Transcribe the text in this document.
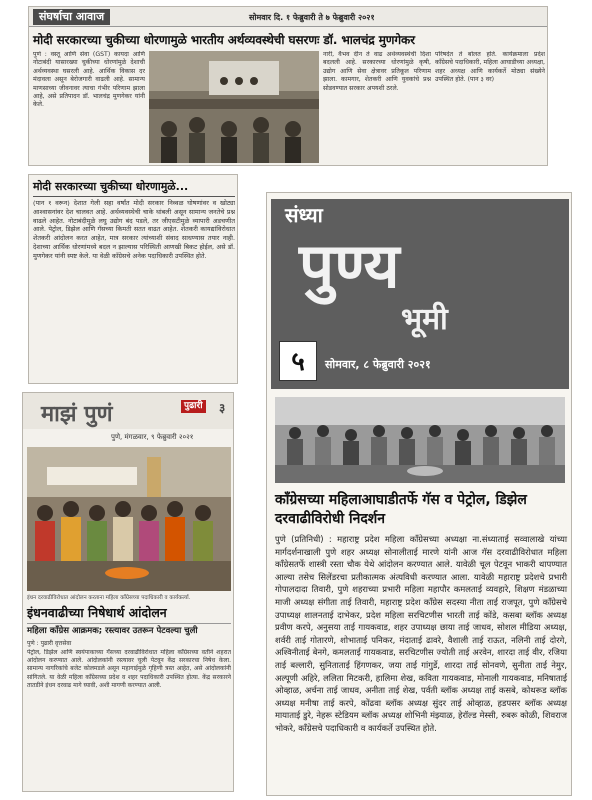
संघर्षाचा आवाज	सोमवार दि. १ फेब्रुवारी ते ७ फेब्रुवारी २०२१
मोदी सरकारच्या चुकीच्या धोरणामुळे भारतीय अर्थव्यवस्थेची घसरणः डॉ. भालचंद्र मुणगेकर
पुणे : वस्तू आणि सेवा (GST) कायदा आणि नोटाबंदी यासारख्या चुकीच्या धोरणांमुळे देशाची अर्थव्यवस्था घसरली आहे. आर्थिक विकास दर मंदावला असून बेरोजगारी वाढली आहे. सामान्य माणसाच्या जीवनावर त्याचा गंभीर परिणाम झाला आहे, असे प्रतिपादन डॉ. भालचंद्र मुणगेकर यांनी केले.
नारी, वैभव दीन ते वाढ अर्थव्यवस्थेची दिशा बदलली आहे. सरकारच्या धोरणांमुळे कृषी, उद्योग आणि सेवा क्षेत्रावर प्रतिकूल परिणाम झाला. कामगार, शेतकरी आणि युवकांचे प्रश्न सोडवण्यात सरकार अपयशी ठरले.
परिषदेत ते बोलत होते. कार्यक्रमाला प्रदेश काँग्रेसचे पदाधिकारी, महिला आघाडीच्या अध्यक्षा, शहर अध्यक्ष आणि कार्यकर्ते मोठ्या संख्येने उपस्थित होते. (पान ३ वर)
मोदी सरकारच्या चुकीच्या धोरणामुळे...
(पान १ वरून) देशात गेली सहा वर्षांत मोदी सरकार निव्वळ घोषणांवर व खोट्या आश्वासनांवर देश चालवत आहे. अर्थव्यवस्थेची चाके थांबली असून सामान्य जनतेचे प्रश्न वाढले आहेत. नोटाबंदीमुळे लघु उद्योग बंद पडले, तर जीएसटीमुळे व्यापारी अडचणीत आले. पेट्रोल, डिझेल आणि गॅसच्या किमती सतत वाढत आहेत. शेतकरी कायद्यांविरोधात शेतकरी आंदोलन करत आहेत, मात्र सरकार त्यांच्याशी संवाद साधण्यास तयार नाही. देशाच्या आर्थिक धोरणांमध्ये बदल न झाल्यास परिस्थिती आणखी बिकट होईल, असे डॉ. मुणगेकर यांनी स्पष्ट केले. या वेळी काँग्रेसचे अनेक पदाधिकारी उपस्थित होते.
माझं पुणं	पुढारी ३
पुणे, मंगळवार, ९ फेब्रुवारी २०२१
इंधन दरवाढीविरोधात आंदोलन करताना महिला काँग्रेसच्या पदाधिकारी व कार्यकर्त्या.
इंधनवाढीच्या निषेधार्थ आंदोलन
महिला काँग्रेस आक्रमक; रस्त्यावर उतरून पेटवल्या चुली
पुणे : पुढारी वृत्तसेवा
पेट्रोल, डिझेल आणि स्वयंपाकाच्या गॅसच्या दरवाढीविरोधात महिला काँग्रेसच्या वतीने शहरात आंदोलन करण्यात आले. आंदोलकांनी रस्त्यावर चुली पेटवून केंद्र सरकारचा निषेध केला. सामान्य नागरिकांचे बजेट कोलमडले असून महागाईमुळे गृहिणी त्रस्त आहेत, असे आंदोलकांनी सांगितले. या वेळी महिला काँग्रेसच्या प्रदेश व शहर पदाधिकारी उपस्थित होत्या. केंद्र सरकारने तातडीने इंधन दरवाढ मागे घ्यावी, अशी मागणी करण्यात आली.
संध्या
पुण्य
भूमी
५	सोमवार, ८ फेब्रुवारी २०२१
काँग्रेसच्या महिलाआघाडीतर्फे गॅस व पेट्रोल, डिझेल दरवाढीविरोधी निदर्शन
पुणे (प्रतिनिधी) : महाराष्ट्र प्रदेश महिला काँग्रेसच्या अध्यक्षा ना.संध्याताई सव्वालाखे यांच्या मार्गदर्शनाखाली पुणे शहर अध्यक्ष सोनालीताई मारणे यांनी आज गॅस दरवाढीविरोधात महिला काँग्रेसतर्फे शास्त्री रस्ता चौक येथे आंदोलन करण्यात आले. यावेळी चूल पेटवून भाकरी थापण्यात आल्या तसेच सिलेंडरचा प्रतीकात्मक अंत्यविधी करण्यात आला. यावेळी महाराष्ट्र प्रदेशचे प्रभारी गोपालदादा तिवारी, पुणे शहराच्या प्रभारी महिला महापौर कमलताई व्यवहारे, शिक्षण मंडळाच्या माजी अध्यक्ष संगीता ताई तिवारी, महाराष्ट्र प्रदेश काँग्रेस सदस्या नीता ताई राजपूत, पुणे काँग्रेसचे उपाध्यक्ष शालनताई दाभेकर, प्रदेश महिला सरचिटणीस भारती ताई कोंडे, कसबा ब्लॉक अध्यक्ष प्रवीण करपे, अनुसया ताई गायकवाड, शहर उपाध्यक्ष छाया ताई जाधव, सोशल मीडिया अध्यक्ष, शर्वरी ताई गोतारणे, शोभाताई पनिकर, मंदाताई ढावरे, वैशाली ताई राऊत, नलिनी ताई दोरगे, अश्विनीताई बेनगे, कमलताई गायकवाड, सरचिटणीस ज्योती ताई अरवेन, शारदा ताई वीर, रजिया ताई बल्लारी, सुनिताताई हिंगणकर, जया ताई गांगुर्डे, शारदा ताई सोनवणे, सुनीता ताई नेमुर, अल्पूणी अहिरे, ललिता मिटकरी, हालिमा शेख, कविता गायकवाड, मोनाली गायकवाड, मनिषाताई ओव्हाळ, अर्चना ताई जाधव, अनीता ताई शेख, पर्वती ब्लॉक अध्यक्ष ताई कसबे, कोथरूड ब्लॉक अध्यक्ष मनीषा ताई करपे, कोंढवा ब्लॉक अध्यक्ष सुंदर ताई ओव्हाळ, हडपसर ब्लॉक अध्यक्ष मायाताई डुरे, नेहरू स्टेडियम ब्लॉक अध्यक्ष शोभिनी मंझ्याळ, हेरॉल्ड मेस्सी, रुबरू कोळी, शिवराज भोकरे, काँग्रेसचे पदाधिकारी व कार्यकर्ते उपस्थित होते.
